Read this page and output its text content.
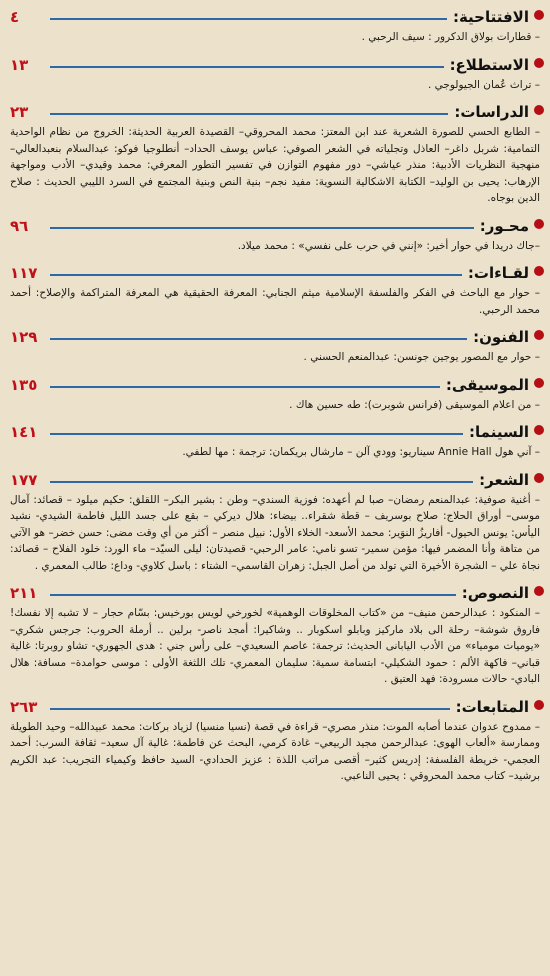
الافتتاحية:
٤

– قطارات بولاق الدكرور : سيف الرحبي .

الاستطلاع:
١٣

– تراث عُمان الجيولوجي .

الدراسات:
٢٣

– الطابع الحسي للصورة الشعرية عند ابن المعتز: محمد المحروقي– القصيدة العربية الحديثة: الخروج من نظام الواحدية التمامية: شربل داغر– العاذل وتجلياته في الشعر الصوفي: عباس يوسف الحداد– أنطلوجيا فوكو: عبدالسلام بنعبدالعالي– منهجية النظريات الأدبية: منذر عياشي– دور مفهوم التوازن في تفسير التطور المعرفي: محمد وقيدي– الأدب ومواجهة الإرهاب: يحيى بن الوليد– الكتابة الاشكالية النسوية: مفيد نجم– بنية النص وبنية المجتمع في السرد الليبي الحديث : صلاح الدين بوجاه.

محـور:
٩٦

–جاك دريدا في حوار أخير: «إنني في حرب على نفسي» : محمد ميلاد.

لقـاءات:
١١٧

– حوار مع الباحث في الفكر والفلسفة الإسلامية ميثم الجنابي: المعرفة الحقيقية هي المعرفة المتراكمة والإصلاح: أحمد محمد الرحبي.

الفنون:
١٢٩

– حوار مع المصور يوجين جونسن: عبدالمنعم الحسني .

الموسيقى:
١٣٥

– من اعلام الموسيقى (فرانس شوبرت): طه حسين هاك .

السينما:
١٤١

– آني هول Annie Hall سيناريو: وودي آلن – مارشال بريكمان: ترجمة : مها لطفي.

الشعر:
١٧٧

– أغنية صوفية: عبدالمنعم رمضان– صبا لم أعهده: فوزية السندي– وطن : بشير البكر– اللقلق: حكيم ميلود – قصائد: آمال موسى– أوراق الحلاج: صلاح بوسريف – قطة شقراء.. بيضاء: هلال ديركي – بقع على جسد الليل فاطمة الشيدي- نشيد اليأس: يونس الحيول- أفاريزُ النوَير: محمد الأسعد- الخلاء الأول: نبيل منصر – أكثر من أي وقت مضى: حسن خضر– هو الآتي من متاهة وأنا المضمر فيها: مؤمن سمير- تسو نامي: عامر الرحبي- قصيدتان: ليلى السيّد– ماء الورد: خلود الفلاح – قصائد: نجاة علي – الشجرة الأخيرة التي تولد من أصل الجبل: زهران القاسمي– الشتاء : باسل كلاوي- وداع: طالب المعمري .

النصوص:
٢١١

– المنكود : عبدالرحمن منيف– من «كتاب المخلوقات الوهمية» لخورخي لويس بورخيس: بسّام حجار – لا تشبه إلا نفسك! فاروق شوشة– رحلة الى بلاد ماركيز وبابلو اسكوبار .. وشاكيرا: أمجد ناصر- برلين .. أرملة الحروب: جرجس شكري– «يوميات مومياء» من الأدب اليابانى الحديث: ترجمة: عاصم السعيدي– على رأس جني : هدى الجهوري- تشاو روبرتا: غالية قباني– فاكهة الألم : حمود الشكيلي- ابتسامة سمية: سليمان المعمري- تلك اللثغة الأولى : موسى حوامدة– مسافة: هلال البادي- حالات مسرودة: فهد العتيق .

المتابعات:
٢٦٣

– ممدوح عدوان عندما أصابه الموت: منذر مصري– قراءة في قصة (نسيا منسيا) لزياد بركات: محمد عبيدالله– وحيد الطويلة وممارسة «ألعاب الهوى: عبدالرحمن مجيد الربيعي– غادة كرمي، البحث عن فاطمة: غالية آل سعيد– ثقافة السرب: أحمد العجمي- خريطة الفلسفة: إدريس كثير– أقصى مراتب اللذة : عزيز الحدادي- السيد حافظ وكيمياء التجريب: عبد الكريم برشيد– كتاب محمد المحروقي : يحيى الناعبي.
